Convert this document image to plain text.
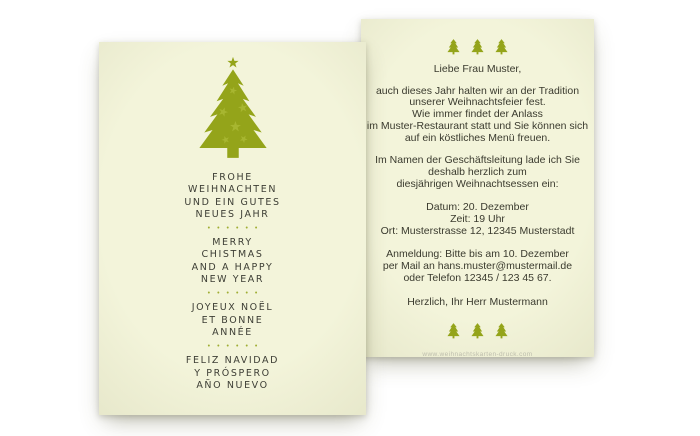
Liebe Frau Muster,
auch dieses Jahr halten wir an der Tradition
unserer Weihnachtsfeier fest.
Wie immer findet der Anlass
im Muster-Restaurant statt und Sie können sich
auf ein köstliches Menü freuen.
Im Namen der Geschäftsleitung lade ich Sie
deshalb herzlich zum
diesjährigen Weihnachtsessen ein:
Datum: 20. Dezember
Zeit: 19 Uhr
Ort: Musterstrasse 12, 12345 Musterstadt
Anmeldung: Bitte bis am 10. Dezember
per Mail an hans.muster@mustermail.de
oder Telefon 12345 / 123 45 67.
Herzlich, Ihr Herr Mustermann
www.weihnachtskarten-druck.com
FROHE
WEIHNACHTEN
UND EIN GUTES
NEUES JAHR
••••••
MERRY
CHISTMAS
AND A HAPPY
NEW YEAR
••••••
JOYEUX NOËL
ET BONNE
ANNÉE
••••••
FELIZ NAVIDAD
Y PRÓSPERO
AÑO NUEVO
